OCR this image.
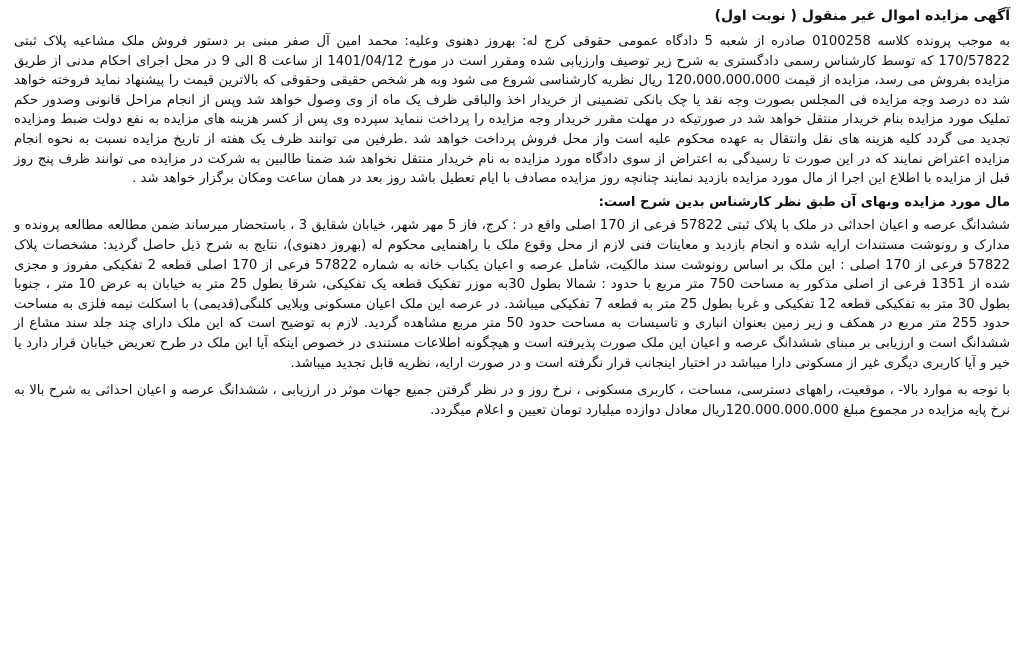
آگهی مزایده اموال غیر منقول ( نوبت اول)

به موجب پرونده کلاسه 0100258 صادره از شعبه 5 دادگاه عمومی حقوقی کرج له: بهروز دهنوی وعلیه: محمد امین آل صفر مبنی بر دستور فروش ملک مشاعیه پلاک ثبتی 170/57822 که توسط کارشناس رسمی دادگستری به شرح زیر توصیف وارزیابی شده ومقرر است در مورخ 1401/04/12 از ساعت 8 الی 9 در محل اجرای احکام مدنی از طریق مزایده بفروش می رسد، مزایده از قیمت 120،000،000،000 ریال نظریه کارشناسی شروع می شود وبه هر شخص حقیقی وحقوقی که بالاترین قیمت را پیشنهاد نماید فروخته خواهد شد ده درصد وجه مزایده فی المجلس بصورت وجه نقد یا چک بانکی تضمینی از خریدار اخذ والباقی ظرف یک ماه از وی وصول خواهد شد وپس از انجام مراحل قانونی وصدور حکم تملیک مورد مزایده بنام خریدار منتقل خواهد شد در صورتیکه در مهلت مقرر خریدار وجه مزایده را پرداخت ننماید سپرده وی پس از کسر هزینه های مزایده به نفع دولت ضبط ومزایده تجدید می گردد کلیه هزینه های نقل وانتقال به عهده محکوم علیه است واز محل فروش پرداخت خواهد شد .طرفین می توانند ظرف یک هفته از تاریخ مزایده نسبت به نحوه انجام مزایده اعتراض نمایند که در این صورت تا رسیدگی به اعتراض از سوی دادگاه مورد مزایده به نام خریدار منتقل نخواهد شد ضمنا طالبین به شرکت در مزایده می توانند ظرف پنج روز قبل از مزایده با اطلاع این اجرا از مال مورد مزایده بازدید نمایند چنانچه روز مزایده مصادف با ایام تعطیل باشد روز بعد در همان ساعت ومکان برگزار خواهد شد .

مال مورد مزایده وبهای آن طبق نظر کارشناس بدین شرح است:

ششدانگ عرصه و اعیان احداثی در ملک با پلاک ثبتی 57822 فرعی از 170 اصلی واقع در : کرج، فاز 5 مهر شهر، خیابان شقایق 3 ، باستحضار میرساند ضمن مطالعه مطالعه پرونده و مدارک و رونوشت مستندات ارایه شده و انجام بازدید و معاینات فنی لازم از محل وقوع ملک با راهنمایی محکوم له (بهروز دهنوی)، نتایج به شرح ذیل حاصل گردید: مشخصات پلاک 57822 فرعی از 170 اصلی : این ملک بر اساس رونوشت سند مالکیت، شامل عرصه و اعیان یکباب خانه به شماره 57822 فرعی از 170 اصلی قطعه 2 تفکیکی مفروز و مجزی شده از 1351 فرعی از اصلی مذکور به مساحت 750 متر مربع با حدود : شمالا بطول 30به موزر تفکیک قطعه یک تفکیکی، شرقا بطول 25 متر به خیابان به عرض 10 متر ، جنوبا بطول 30 متر به تفکیکی قطعه 12 تفکیکی و غربا بطول 25 متر به قطعه 7 تفکیکی میباشد. در عرصه این ملک اعیان مسکونی ویلایی کلنگی(قدیمی) با اسکلت نیمه فلزی به مساحت حدود 255 متر مربع در همکف و زیر زمین بعنوان انباری و تاسیسات به مساحت حدود 50 متر مربع مشاهده گردید. لازم به توضیح است که این ملک دارای چند جلد سند مشاع از ششدانگ است و ارزیابی بر مبنای ششدانگ عرصه و اعیان این ملک صورت پذیرفته است و هیچگونه اطلاعات مستندی در خصوص اینکه آیا این ملک در طرح تعریض خیابان قرار دارد یا خیر و آیا کاربری دیگری غیر از مسکونی دارا میباشد در اختیار اینجانب قرار نگرفته است و در صورت ارایه، نظریه قابل تجدید میباشد.

با توجه به موارد بالا- ، موقعیت، راههای دسترسی، مساحت ، کاربری مسکونی ، نرخ روز و در نظر گرفتن جمیع جهات موثر در ارزیابی ، ششدانگ عرصه و اعیان احداثی به شرح بالا به نرخ پایه مزایده در مجموع مبلغ 120.000.000.000ریال معادل دوازده میلیارد تومان تعیین و اعلام میگردد.
